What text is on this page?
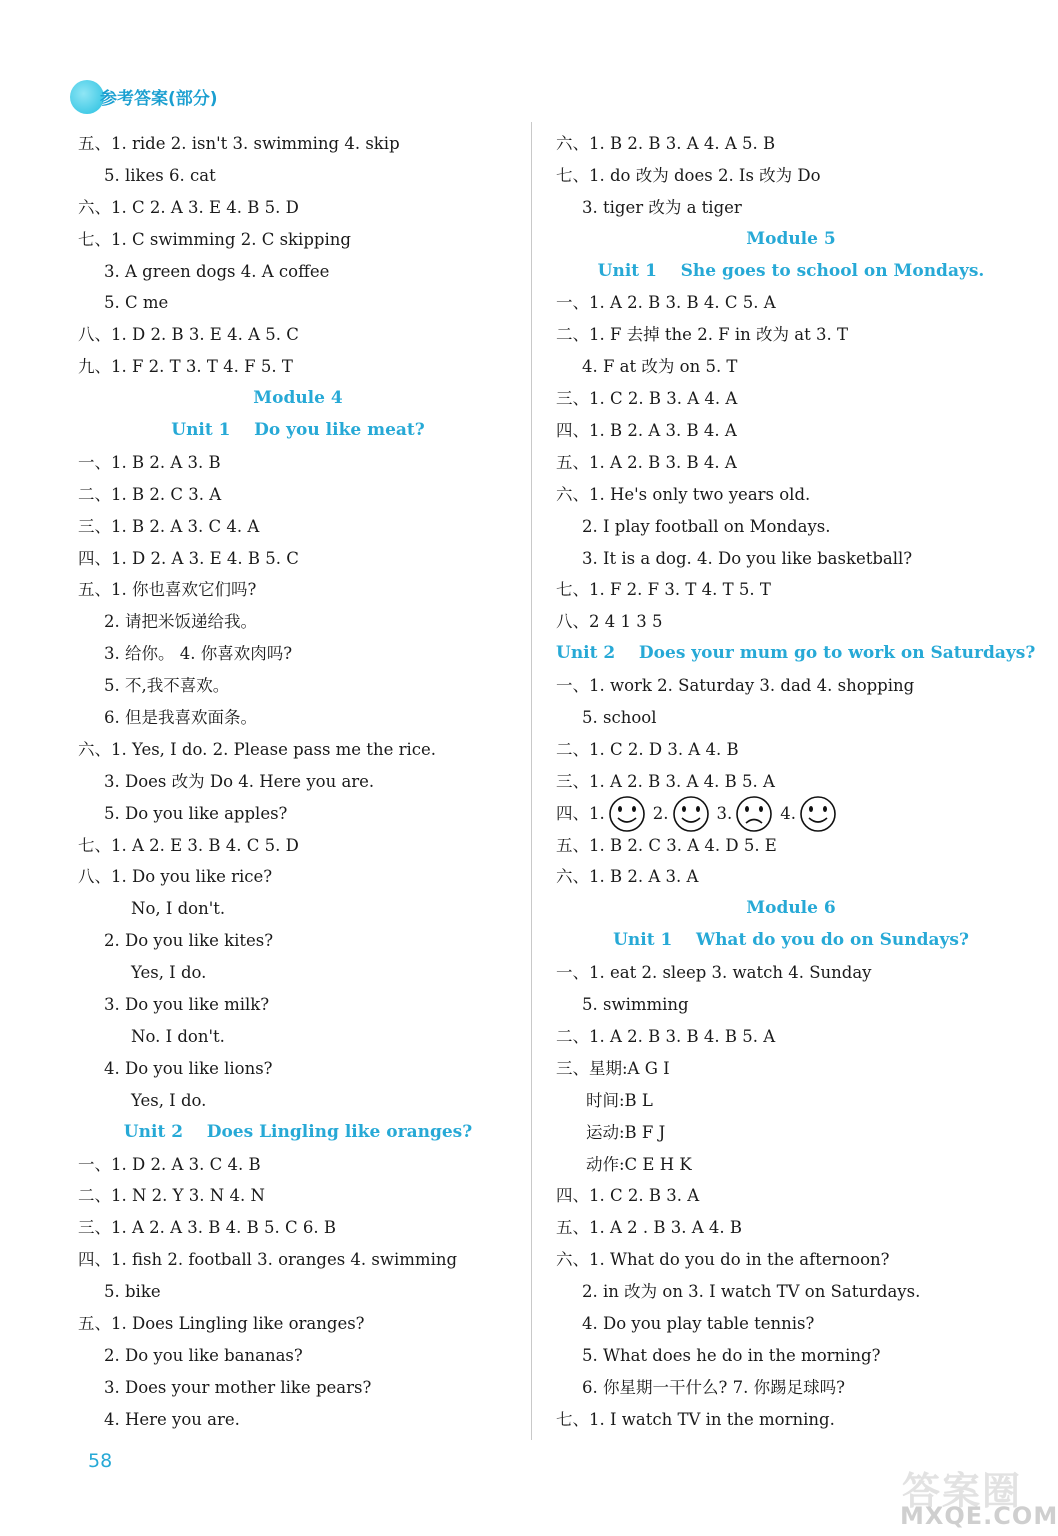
参考答案(部分)
五、1. ride 2. isn't 3. swimming 4. skip
5. likes 6. cat
六、1. C 2. A 3. E 4. B 5. D
七、1. C swimming 2. C skipping
3. A green dogs 4. A coffee
5. C me
八、1. D 2. B 3. E 4. A 5. C
九、1. F 2. T 3. T 4. F 5. T
Module 4
Unit 1    Do you like meat?
一、1. B 2. A 3. B
二、1. B 2. C 3. A
三、1. B 2. A 3. C 4. A
四、1. D 2. A 3. E 4. B 5. C
五、1. 你也喜欢它们吗?
2. 请把米饭递给我。
3. 给你。 4. 你喜欢肉吗?
5. 不,我不喜欢。
6. 但是我喜欢面条。
六、1. Yes, I do. 2. Please pass me the rice.
3. Does 改为 Do 4. Here you are.
5. Do you like apples?
七、1. A 2. E 3. B 4. C 5. D
八、1. Do you like rice?
No, I don't.
2. Do you like kites?
Yes, I do.
3. Do you like milk?
No. I don't.
4. Do you like lions?
Yes, I do.
Unit 2    Does Lingling like oranges?
一、1. D 2. A 3. C 4. B
二、1. N 2. Y 3. N 4. N
三、1. A 2. A 3. B 4. B 5. C 6. B
四、1. fish 2. football 3. oranges 4. swimming
5. bike
五、1. Does Lingling like oranges?
2. Do you like bananas?
3. Does your mother like pears?
4. Here you are.
六、1. B 2. B 3. A 4. A 5. B
七、1. do 改为 does 2. Is 改为 Do
3. tiger 改为 a tiger
Module 5
Unit 1    She goes to school on Mondays.
一、1. A 2. B 3. B 4. C 5. A
二、1. F 去掉 the 2. F in 改为 at 3. T
4. F at 改为 on 5. T
三、1. C 2. B 3. A 4. A
四、1. B 2. A 3. B 4. A
五、1. A 2. B 3. B 4. A
六、1. He's only two years old.
2. I play football on Mondays.
3. It is a dog. 4. Do you like basketball?
七、1. F 2. F 3. T 4. T 5. T
八、2 4 1 3 5
Unit 2    Does your mum go to work on Saturdays?
一、1. work 2. Saturday 3. dad 4. shopping
5. school
二、1. C 2. D 3. A 4. B
三、1. A 2. B 3. A 4. B 5. A
四、 1.	2.	3.	4.
五、1. B 2. C 3. A 4. D 5. E
六、1. B 2. A 3. A
Module 6
Unit 1    What do you do on Sundays?
一、1. eat 2. sleep 3. watch 4. Sunday
5. swimming
二、1. A 2. B 3. B 4. B 5. A
三、星期:A G I
时间:B L
运动:B F J
动作:C E H K
四、1. C 2. B 3. A
五、1. A 2 . B 3. A 4. B
六、1. What do you do in the afternoon?
2. in 改为 on 3. I watch TV on Saturdays.
4. Do you play table tennis?
5. What does he do in the morning?
6. 你星期一干什么? 7. 你踢足球吗?
七、1. I watch TV in the morning.
58
答案圈
MXQE.COM
